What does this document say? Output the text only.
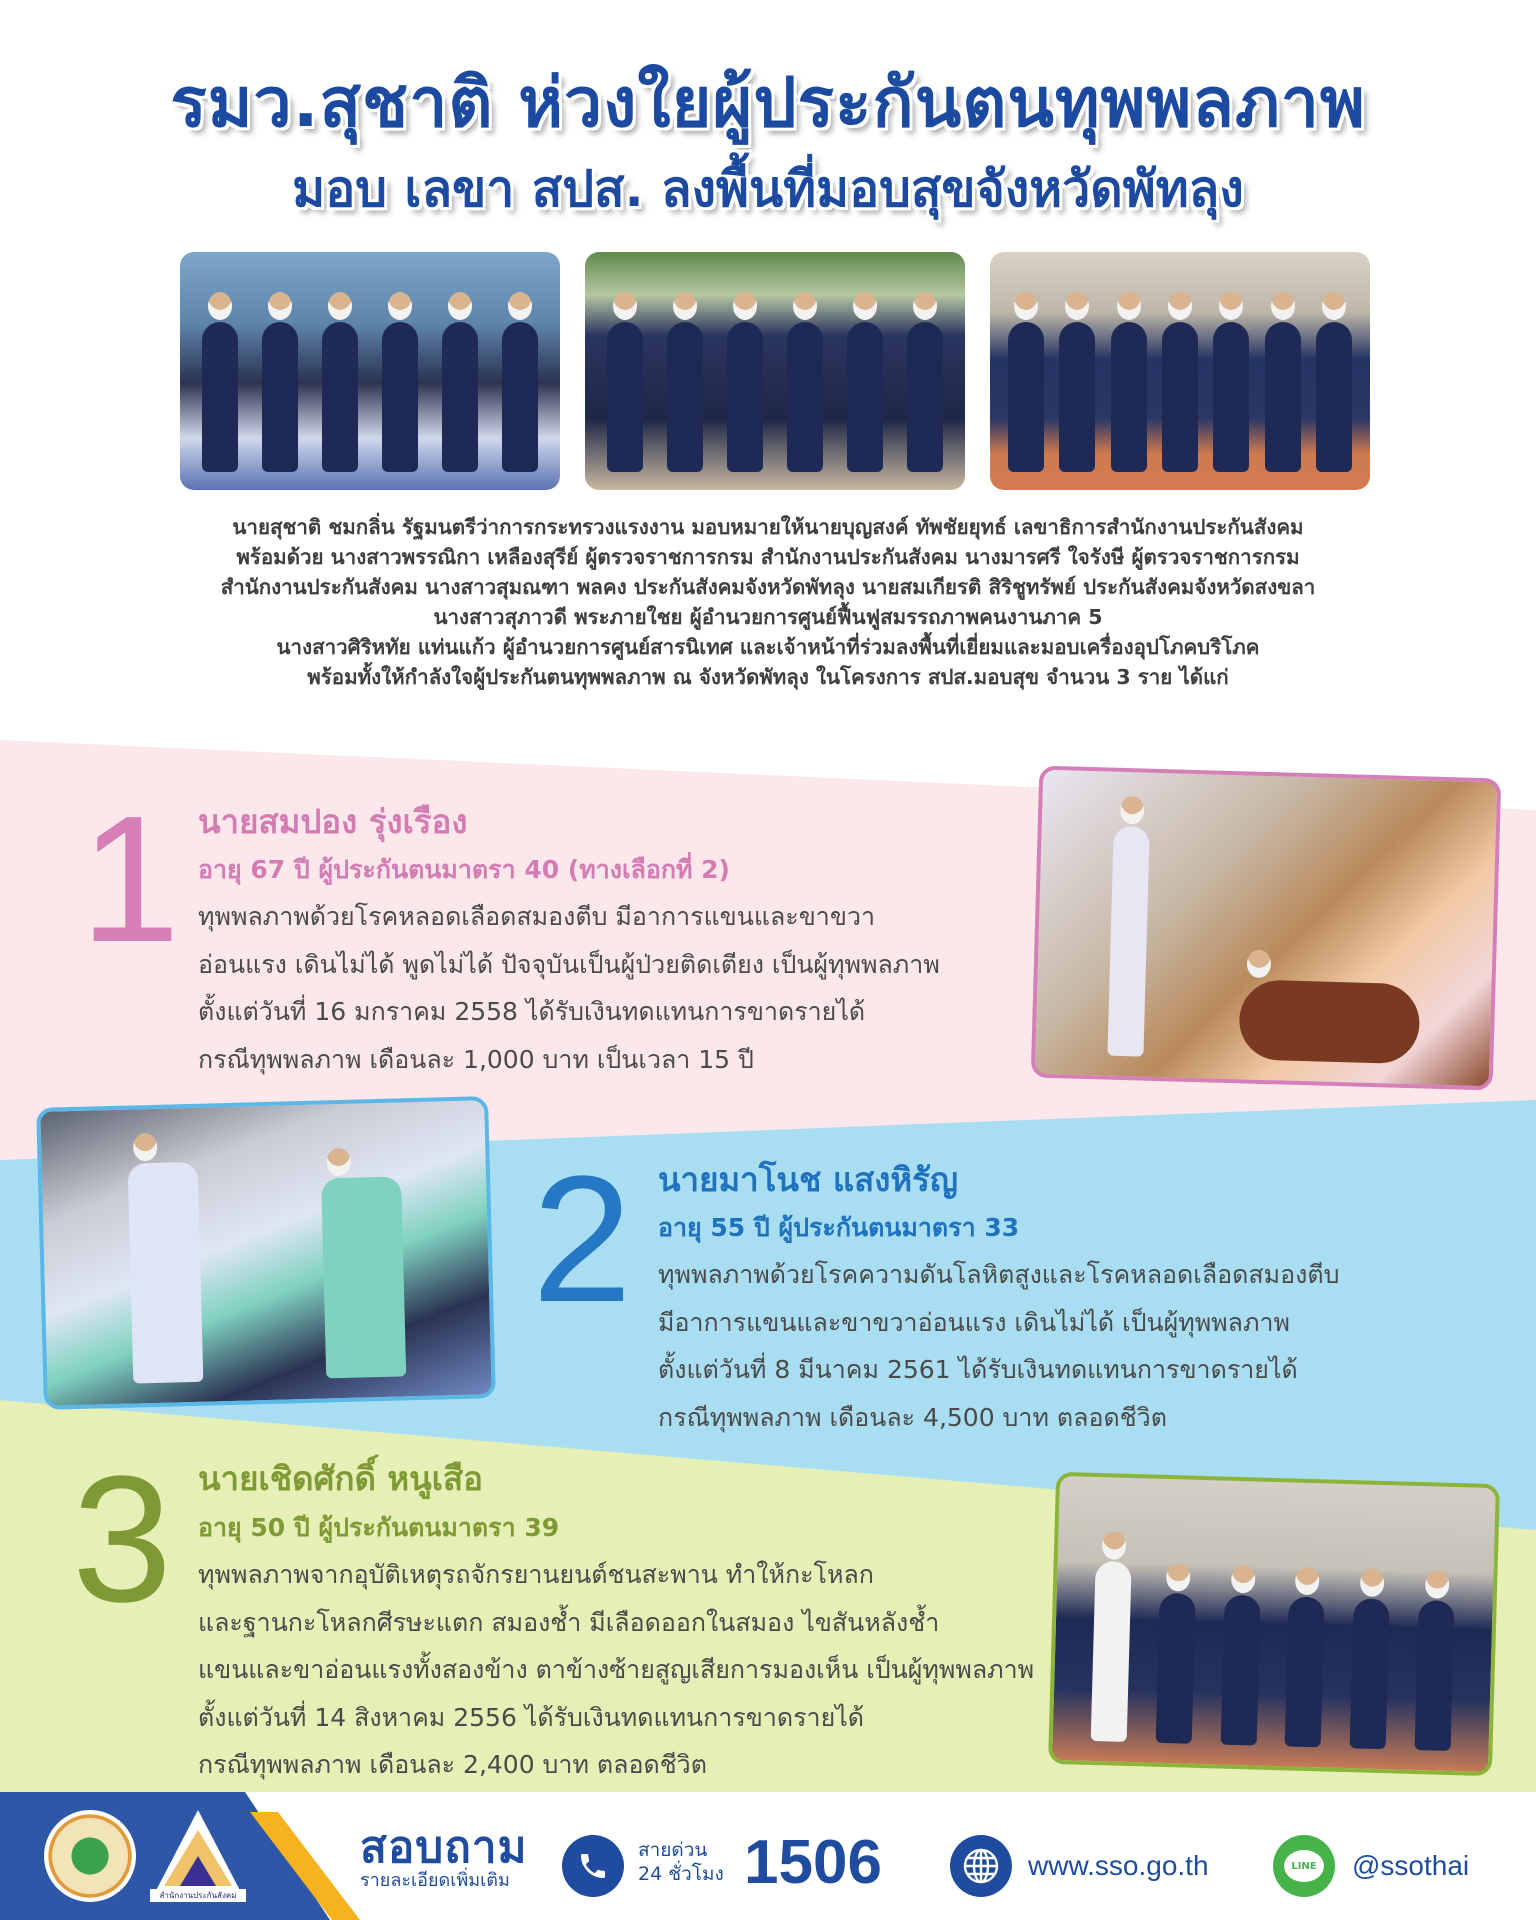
รมว.สุชาติ ห่วงใยผู้ประกันตนทุพพลภาพ
มอบ เลขา สปส. ลงพื้นที่มอบสุขจังหวัดพัทลุง

นายสุชาติ ชมกลิ่น รัฐมนตรีว่าการกระทรวงแรงงาน มอบหมายให้นายบุญสงค์ ทัพชัยยุทธ์ เลขาธิการสำนักงานประกันสังคม

พร้อมด้วย นางสาวพรรณิกา เหลืองสุรีย์ ผู้ตรวจราชการกรม สำนักงานประกันสังคม นางมารศรี ใจรังษี ผู้ตรวจราชการกรม

สำนักงานประกันสังคม นางสาวสุมณฑา พลคง ประกันสังคมจังหวัดพัทลุง นายสมเกียรติ สิริชูทรัพย์ ประกันสังคมจังหวัดสงขลา

นางสาวสุภาวดี พระภายใชย ผู้อำนวยการศูนย์ฟื้นฟูสมรรถภาพคนงานภาค 5

นางสาวศิริหทัย แท่นแก้ว ผู้อำนวยการศูนย์สารนิเทศ และเจ้าหน้าที่ร่วมลงพื้นที่เยี่ยมและมอบเครื่องอุปโภคบริโภค

พร้อมทั้งให้กำลังใจผู้ประกันตนทุพพลภาพ ณ จังหวัดพัทลุง ในโครงการ สปส.มอบสุข จำนวน 3 ราย ได้แก่

1 นายสมปอง รุ่งเรือง
อายุ 67 ปี ผู้ประกันตนมาตรา 40 (ทางเลือกที่ 2)
ทุพพลภาพด้วยโรคหลอดเลือดสมองตีบ มีอาการแขนและขาขวา
อ่อนแรง เดินไม่ได้ พูดไม่ได้ ปัจจุบันเป็นผู้ป่วยติดเตียง เป็นผู้ทุพพลภาพ
ตั้งแต่วันที่ 16 มกราคม 2558 ได้รับเงินทดแทนการขาดรายได้
กรณีทุพพลภาพ เดือนละ 1,000 บาท เป็นเวลา 15 ปี
2 นายมาโนช แสงหิรัญ
อายุ 55 ปี ผู้ประกันตนมาตรา 33
ทุพพลภาพด้วยโรคความดันโลหิตสูงและโรคหลอดเลือดสมองตีบ
มีอาการแขนและขาขวาอ่อนแรง เดินไม่ได้ เป็นผู้ทุพพลภาพ
ตั้งแต่วันที่ 8 มีนาคม 2561 ได้รับเงินทดแทนการขาดรายได้
กรณีทุพพลภาพ เดือนละ 4,500 บาท ตลอดชีวิต
3 นายเชิดศักดิ์ หนูเสือ
อายุ 50 ปี ผู้ประกันตนมาตรา 39
ทุพพลภาพจากอุบัติเหตุรถจักรยานยนต์ชนสะพาน ทำให้กะโหลก
และฐานกะโหลกศีรษะแตก สมองช้ำ มีเลือดออกในสมอง ไขสันหลังช้ำ
แขนและขาอ่อนแรงทั้งสองข้าง ตาข้างซ้ายสูญเสียการมองเห็น เป็นผู้ทุพพลภาพ
ตั้งแต่วันที่ 14 สิงหาคม 2556 ได้รับเงินทดแทนการขาดรายได้
กรณีทุพพลภาพ เดือนละ 2,400 บาท ตลอดชีวิต
สำนักงานประกันสังคม
สอบถาม
รายละเอียดเพิ่มเติม
สายด่วน
24 ชั่วโมง 1506	www.sso.go.th	LINE @ssothai
